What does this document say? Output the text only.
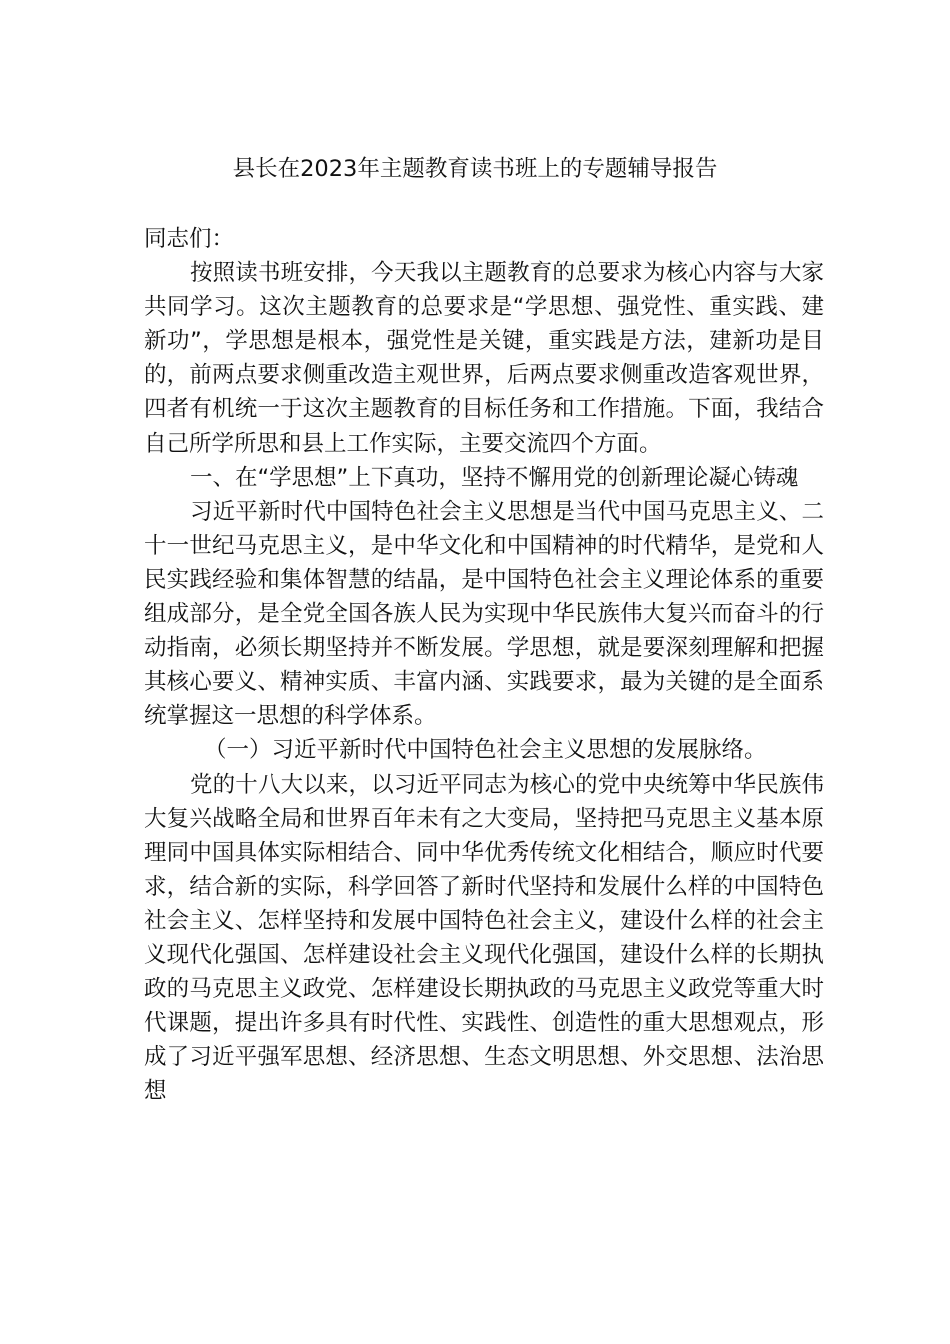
县长在2023年主题教育读书班上的专题辅导报告

同志们：

按照读书班安排，今天我以主题教育的总要求为核心内容与大家共同学习。这次主题教育的总要求是“学思想、强党性、重实践、建新功”，学思想是根本，强党性是关键，重实践是方法，建新功是目的，前两点要求侧重改造主观世界，后两点要求侧重改造客观世界，四者有机统一于这次主题教育的目标任务和工作措施。下面，我结合自己所学所思和县上工作实际，主要交流四个方面。

一、在“学思想”上下真功，坚持不懈用党的创新理论凝心铸魂

习近平新时代中国特色社会主义思想是当代中国马克思主义、二十一世纪马克思主义，是中华文化和中国精神的时代精华，是党和人民实践经验和集体智慧的结晶，是中国特色社会主义理论体系的重要组成部分，是全党全国各族人民为实现中华民族伟大复兴而奋斗的行动指南，必须长期坚持并不断发展。学思想，就是要深刻理解和把握其核心要义、精神实质、丰富内涵、实践要求，最为关键的是全面系统掌握这一思想的科学体系。

（一）习近平新时代中国特色社会主义思想的发展脉络。

党的十八大以来，以习近平同志为核心的党中央统筹中华民族伟大复兴战略全局和世界百年未有之大变局，坚持把马克思主义基本原理同中国具体实际相结合、同中华优秀传统文化相结合，顺应时代要求，结合新的实际，科学回答了新时代坚持和发展什么样的中国特色社会主义、怎样坚持和发展中国特色社会主义，建设什么样的社会主义现代化强国、怎样建设社会主义现代化强国，建设什么样的长期执政的马克思主义政党、怎样建设长期执政的马克思主义政党等重大时代课题，提出许多具有时代性、实践性、创造性的重大思想观点，形成了习近平强军思想、经济思想、生态文明思想、外交思想、法治思想
